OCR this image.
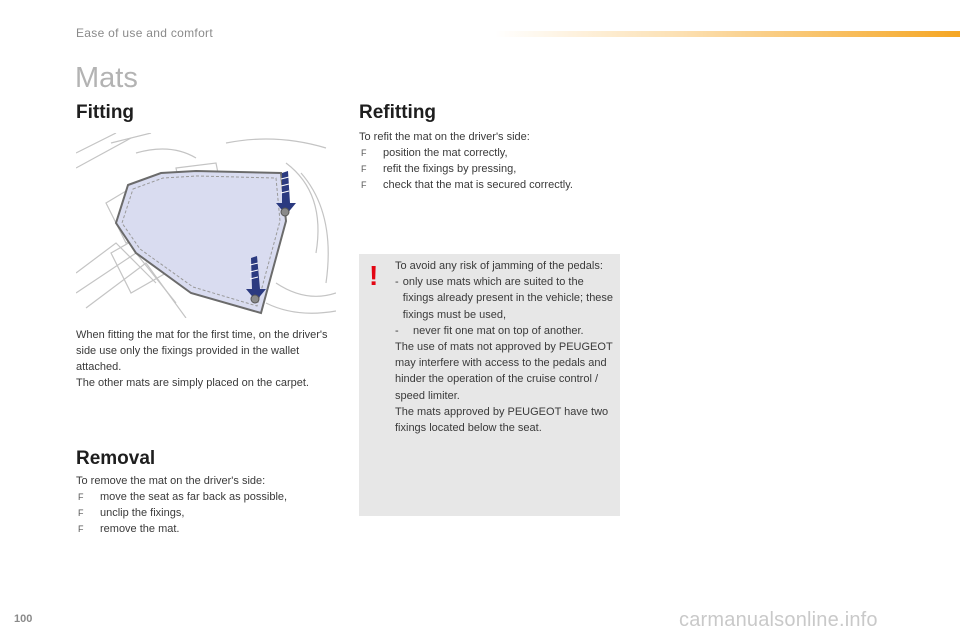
Ease of use and comfort
Mats
Fitting

When fitting the mat for the first time, on the driver's side use only the fixings provided in the wallet attached.

The other mats are simply placed on the carpet.

Removal

To remove the mat on the driver's side:

F	move the seat as far back as possible,
F	unclip the fixings,
F	remove the mat.
Refitting

To refit the mat on the driver's side:

F	position the mat correctly,
F	refit the fixings by pressing,
F	check that the mat is secured correctly.
! To avoid any risk of jamming of the pedals:

- only use mats which are suited to the fixings already present in the vehicle; these fixings must be used,
-	never fit one mat on top of another.

The use of mats not approved by PEUGEOT may interfere with access to the pedals and hinder the operation of the cruise control / speed limiter.

The mats approved by PEUGEOT have two fixings located below the seat.

100	carmanualsonline.info
